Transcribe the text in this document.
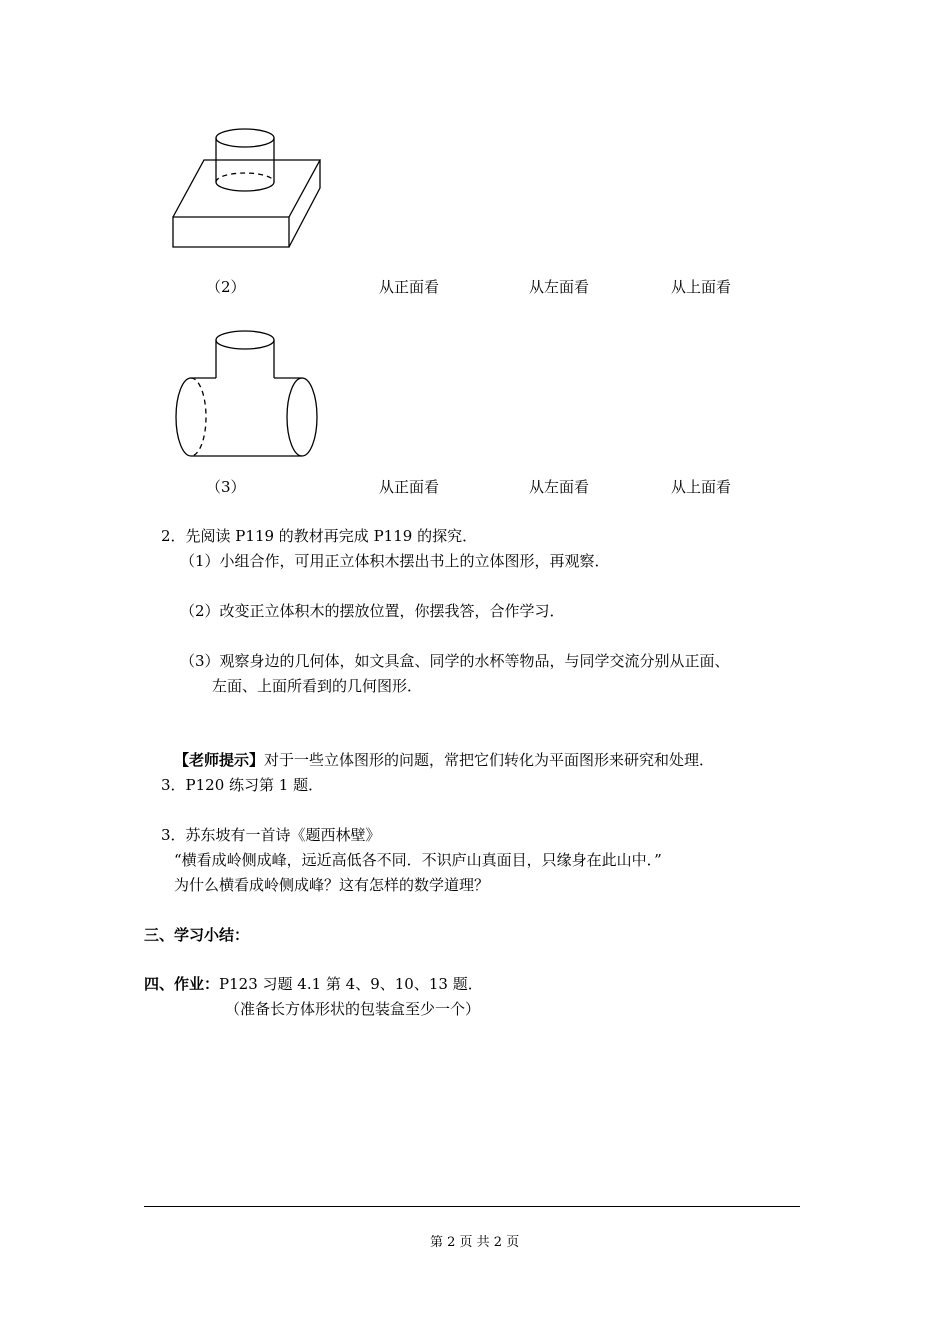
（2）	从正面看	从左面看	从上面看
（3）	从正面看	从左面看	从上面看
2．先阅读 P119 的教材再完成 P119 的探究．
（1）小组合作，可用正立体积木摆出书上的立体图形，再观察．
（2）改变正立体积木的摆放位置，你摆我答，合作学习．
（3）观察身边的几何体，如文具盒、同学的水杯等物品，与同学交流分别从正面、
左面、上面所看到的几何图形．
【老师提示】对于一些立体图形的问题，常把它们转化为平面图形来研究和处理．
3．P120 练习第 1 题．
3．苏东坡有一首诗《题西林壁》
“横看成岭侧成峰，远近高低各不同．不识庐山真面目，只缘身在此山中．”
为什么横看成岭侧成峰？这有怎样的数学道理？
三、学习小结：
四、作业：P123 习题 4.1 第 4、9、10、13 题．
（准备长方体形状的包装盒至少一个）
第 2 页 共 2 页
